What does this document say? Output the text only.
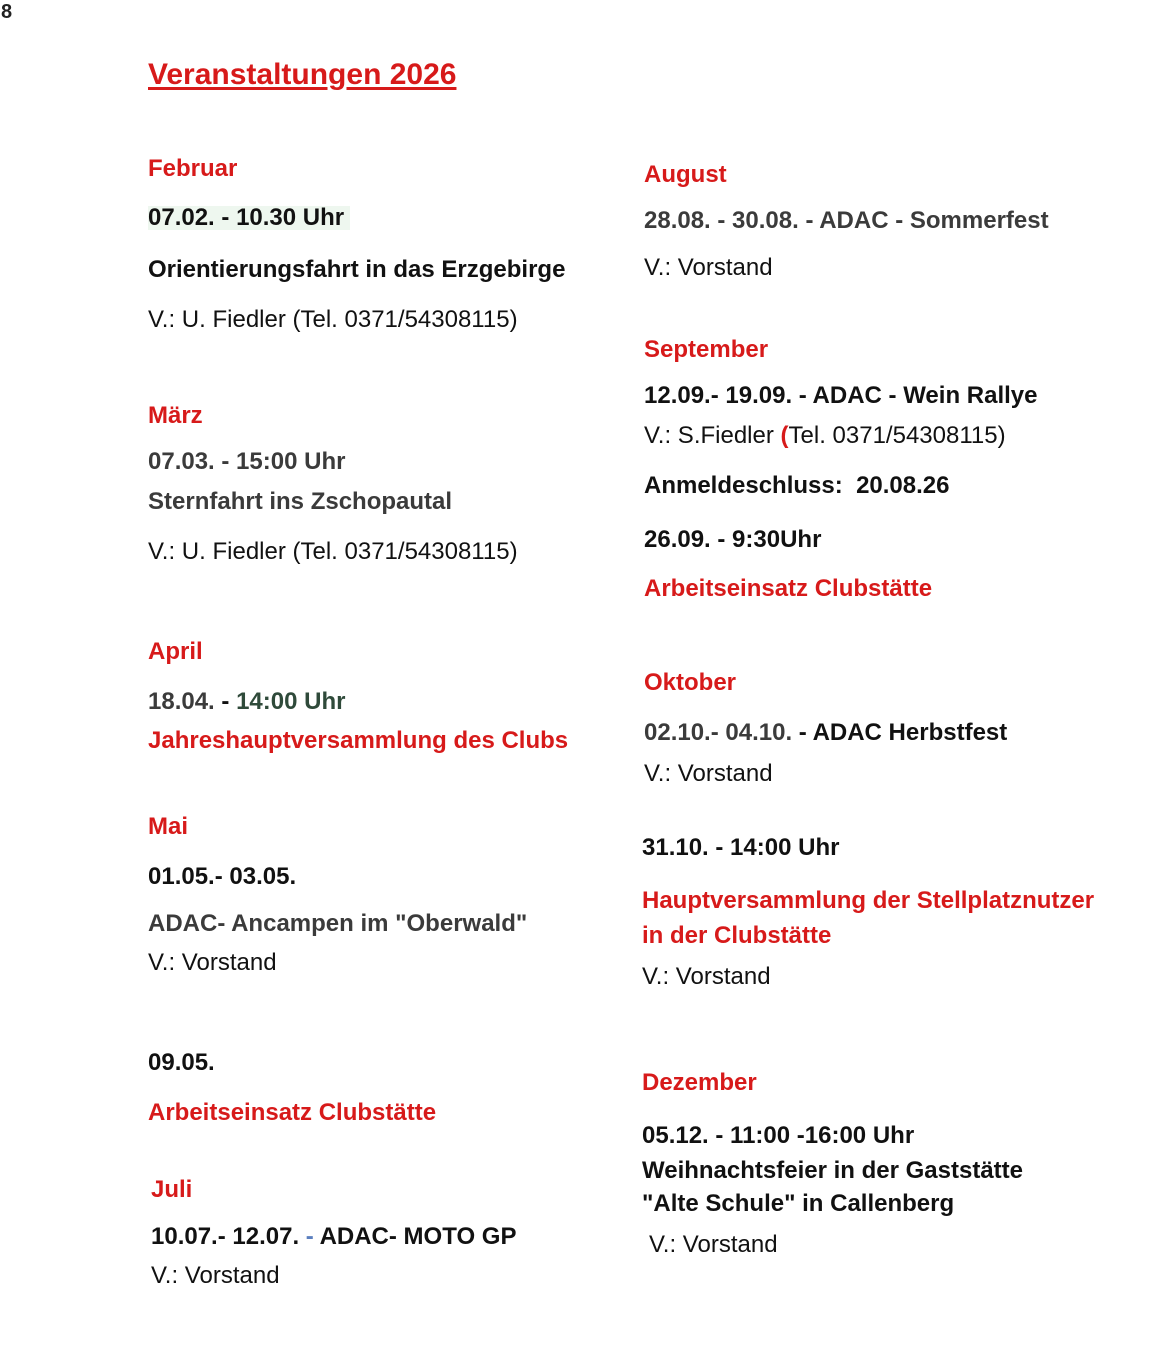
8
Veranstaltungen 2026
Februar
07.02. - 10.30 Uhr
Orientierungsfahrt in das Erzgebirge
V.: U. Fiedler (Tel. 0371/54308115)
März
07.03. - 15:00 Uhr
Sternfahrt ins Zschopautal
V.: U. Fiedler (Tel. 0371/54308115)
April
18.04. - 14:00 Uhr
Jahreshauptversammlung des Clubs
Mai
01.05.- 03.05.
ADAC- Ancampen im "Oberwald"
V.: Vorstand
09.05.
Arbeitseinsatz Clubstätte
Juli
10.07.- 12.07. - ADAC- MOTO GP
V.: Vorstand
August
28.08. - 30.08. - ADAC - Sommerfest
V.: Vorstand
September
12.09.- 19.09. - ADAC - Wein Rallye
V.: S.Fiedler (Tel. 0371/54308115)
Anmeldeschluss:  20.08.26
26.09. - 9:30Uhr
Arbeitseinsatz Clubstätte
Oktober
02.10.- 04.10. - ADAC Herbstfest
V.: Vorstand
31.10. - 14:00 Uhr
Hauptversammlung der Stellplatznutzer
in der Clubstätte
V.: Vorstand
Dezember
05.12. - 11:00 -16:00 Uhr
Weihnachtsfeier in der Gaststätte
"Alte Schule" in Callenberg
V.: Vorstand
